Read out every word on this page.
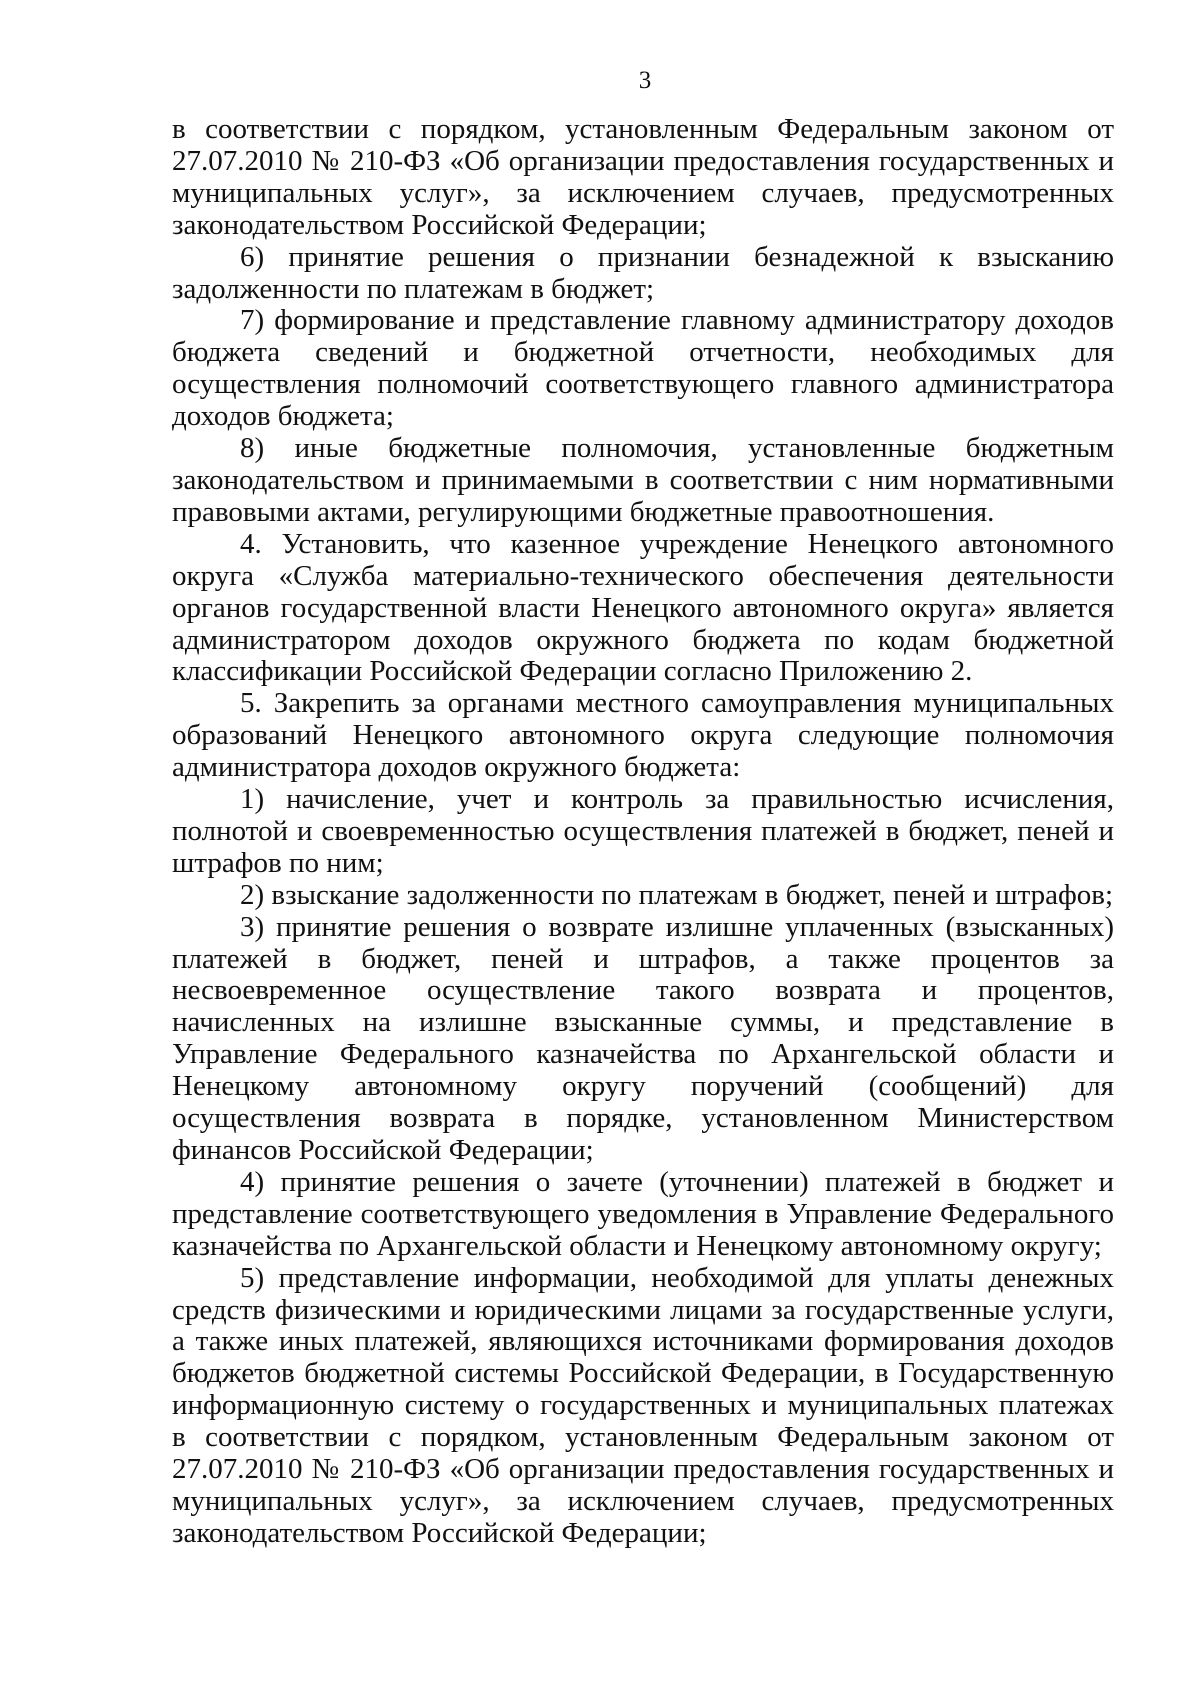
3

в соответствии с порядком, установленным Федеральным законом от 27.07.2010 № 210-ФЗ «Об организации предоставления государственных и муниципальных услуг», за исключением случаев, предусмотренных законодательством Российской Федерации;

6) принятие решения о признании безнадежной к взысканию задолженности по платежам в бюджет;

7) формирование и представление главному администратору доходов бюджета сведений и бюджетной отчетности, необходимых для осуществления полномочий соответствующего главного администратора доходов бюджета;

8) иные бюджетные полномочия, установленные бюджетным законодательством и принимаемыми в соответствии с ним нормативными правовыми актами, регулирующими бюджетные правоотношения.

4. Установить, что казенное учреждение Ненецкого автономного округа «Служба материально-технического обеспечения деятельности органов государственной власти Ненецкого автономного округа» является администратором доходов окружного бюджета по кодам бюджетной классификации Российской Федерации согласно Приложению 2.

5. Закрепить за органами местного самоуправления муниципальных образований Ненецкого автономного округа следующие полномочия администратора доходов окружного бюджета:

1) начисление, учет и контроль за правильностью исчисления, полнотой и своевременностью осуществления платежей в бюджет, пеней и штрафов по ним;

2) взыскание задолженности по платежам в бюджет, пеней и штрафов;

3) принятие решения о возврате излишне уплаченных (взысканных) платежей в бюджет, пеней и штрафов, а также процентов за несвоевременное осуществление такого возврата и процентов, начисленных на излишне взысканные суммы, и представление в Управление Федерального казначейства по Архангельской области и Ненецкому автономному округу поручений (сообщений) для осуществления возврата в порядке, установленном Министерством финансов Российской Федерации;

4) принятие решения о зачете (уточнении) платежей в бюджет и представление соответствующего уведомления в Управление Федерального казначейства по Архангельской области и Ненецкому автономному округу;

5) представление информации, необходимой для уплаты денежных средств физическими и юридическими лицами за государственные услуги, а также иных платежей, являющихся источниками формирования доходов бюджетов бюджетной системы Российской Федерации, в Государственную информационную систему о государственных и муниципальных платежах в соответствии с порядком, установленным Федеральным законом от 27.07.2010 № 210-ФЗ «Об организации предоставления государственных и муниципальных услуг», за исключением случаев, предусмотренных законодательством Российской Федерации;
